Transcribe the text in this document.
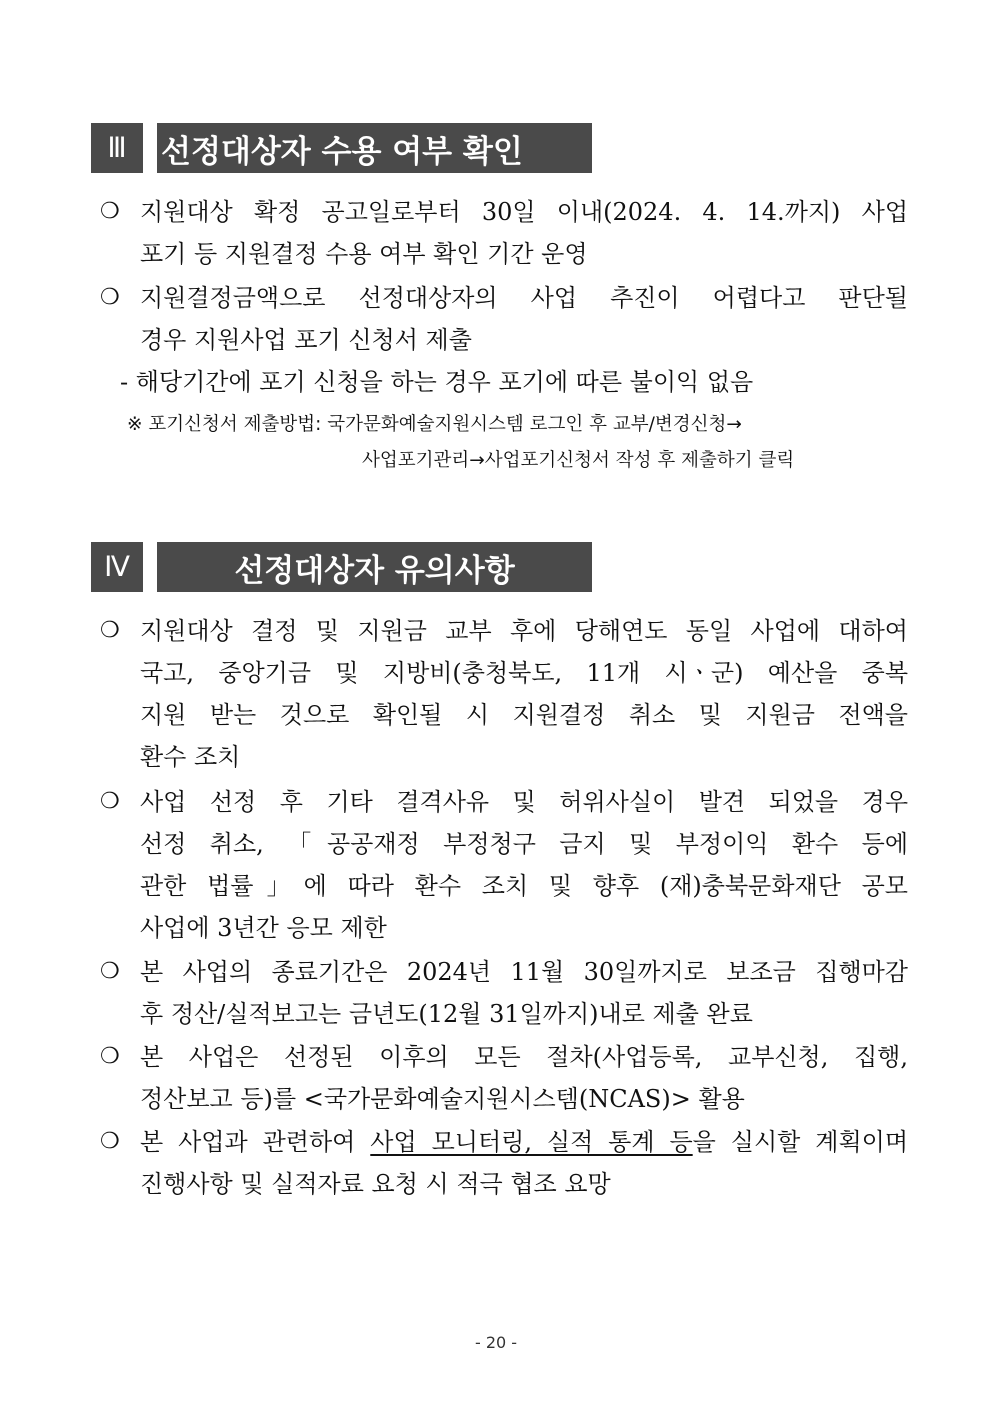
Ⅲ	선정대상자 수용 여부 확인
❍ 지원대상 확정 공고일로부터 30일 이내(2024. 4. 14.까지) 사업
포기 등 지원결정 수용 여부 확인 기간 운영
❍ 지원결정금액으로 선정대상자의 사업 추진이 어렵다고 판단될
경우 지원사업 포기 신청서 제출
- 해당기간에 포기 신청을 하는 경우 포기에 따른 불이익 없음
※ 포기신청서 제출방법: 국가문화예술지원시스템 로그인 후 교부/변경신청→
사업포기관리→사업포기신청서 작성 후 제출하기 클릭
Ⅳ	선정대상자 유의사항
❍ 지원대상 결정 및 지원금 교부 후에 당해연도 동일 사업에 대하여
국고, 중앙기금 및 지방비(충청북도, 11개 시ㆍ군) 예산을 중복
지원 받는 것으로 확인될 시 지원결정 취소 및 지원금 전액을
환수 조치
❍ 사업 선정 후 기타 결격사유 및 허위사실이 발견 되었을 경우
선정 취소, 「공공재정 부정청구 금지 및 부정이익 환수 등에
관한 법률」에 따라 환수 조치 및 향후 (재)충북문화재단 공모
사업에 3년간 응모 제한
❍ 본 사업의 종료기간은 2024년 11월 30일까지로 보조금 집행마감
후 정산/실적보고는 금년도(12월 31일까지)내로 제출 완료
❍ 본 사업은 선정된 이후의 모든 절차(사업등록, 교부신청, 집행,
정산보고 등)를 <국가문화예술지원시스템(NCAS)> 활용
❍ 본 사업과 관련하여 사업 모니터링, 실적 통계 등을 실시할 계획이며
진행사항 및 실적자료 요청 시 적극 협조 요망
- 20 -
